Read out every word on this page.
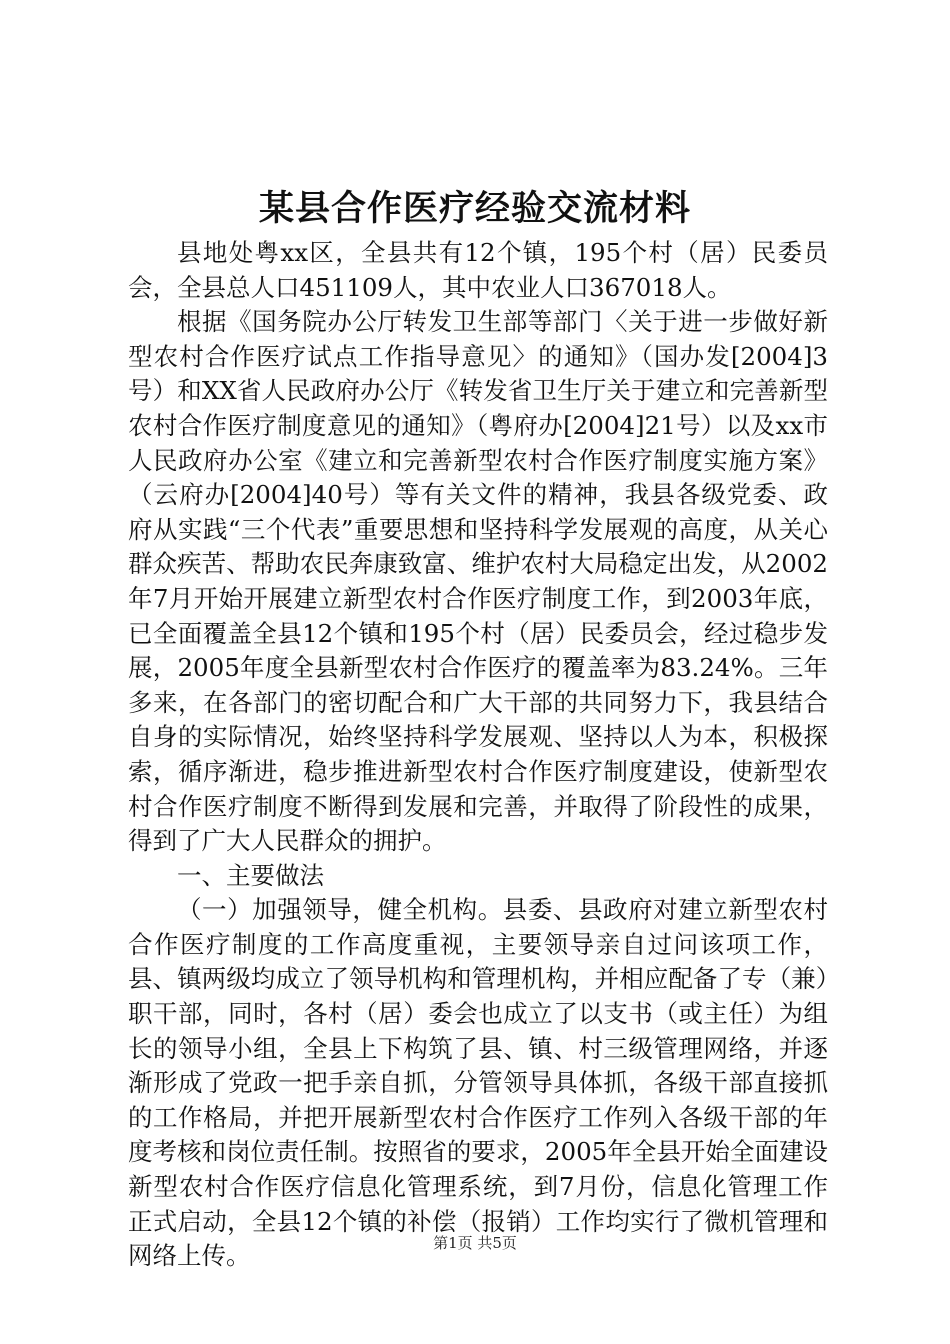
某县合作医疗经验交流材料

县地处粤xx区，全县共有12个镇，195个村（居）民委员会，全县总人口451109人，其中农业人口367018人。

根据《国务院办公厅转发卫生部等部门〈关于进一步做好新型农村合作医疗试点工作指导意见〉的通知》（国办发[2004]3号）和XX省人民政府办公厅《转发省卫生厅关于建立和完善新型农村合作医疗制度意见的通知》（粤府办[2004]21号）以及xx市人民政府办公室《建立和完善新型农村合作医疗制度实施方案》（云府办[2004]40号）等有关文件的精神，我县各级党委、政府从实践“三个代表”重要思想和坚持科学发展观的高度，从关心群众疾苦、帮助农民奔康致富、维护农村大局稳定出发，从2002年7月开始开展建立新型农村合作医疗制度工作，到2003年底，已全面覆盖全县12个镇和195个村（居）民委员会，经过稳步发展，2005年度全县新型农村合作医疗的覆盖率为83.24%。三年多来，在各部门的密切配合和广大干部的共同努力下，我县结合自身的实际情况，始终坚持科学发展观、坚持以人为本，积极探索，循序渐进，稳步推进新型农村合作医疗制度建设，使新型农村合作医疗制度不断得到发展和完善，并取得了阶段性的成果，得到了广大人民群众的拥护。

一、主要做法

（一）加强领导，健全机构。县委、县政府对建立新型农村合作医疗制度的工作高度重视，主要领导亲自过问该项工作，县、镇两级均成立了领导机构和管理机构，并相应配备了专（兼）职干部，同时，各村（居）委会也成立了以支书（或主任）为组长的领导小组，全县上下构筑了县、镇、村三级管理网络，并逐渐形成了党政一把手亲自抓，分管领导具体抓，各级干部直接抓的工作格局，并把开展新型农村合作医疗工作列入各级干部的年度考核和岗位责任制。按照省的要求，2005年全县开始全面建设新型农村合作医疗信息化管理系统，到7月份，信息化管理工作正式启动，全县12个镇的补偿（报销）工作均实行了微机管理和网络上传。	第1页 共5页
